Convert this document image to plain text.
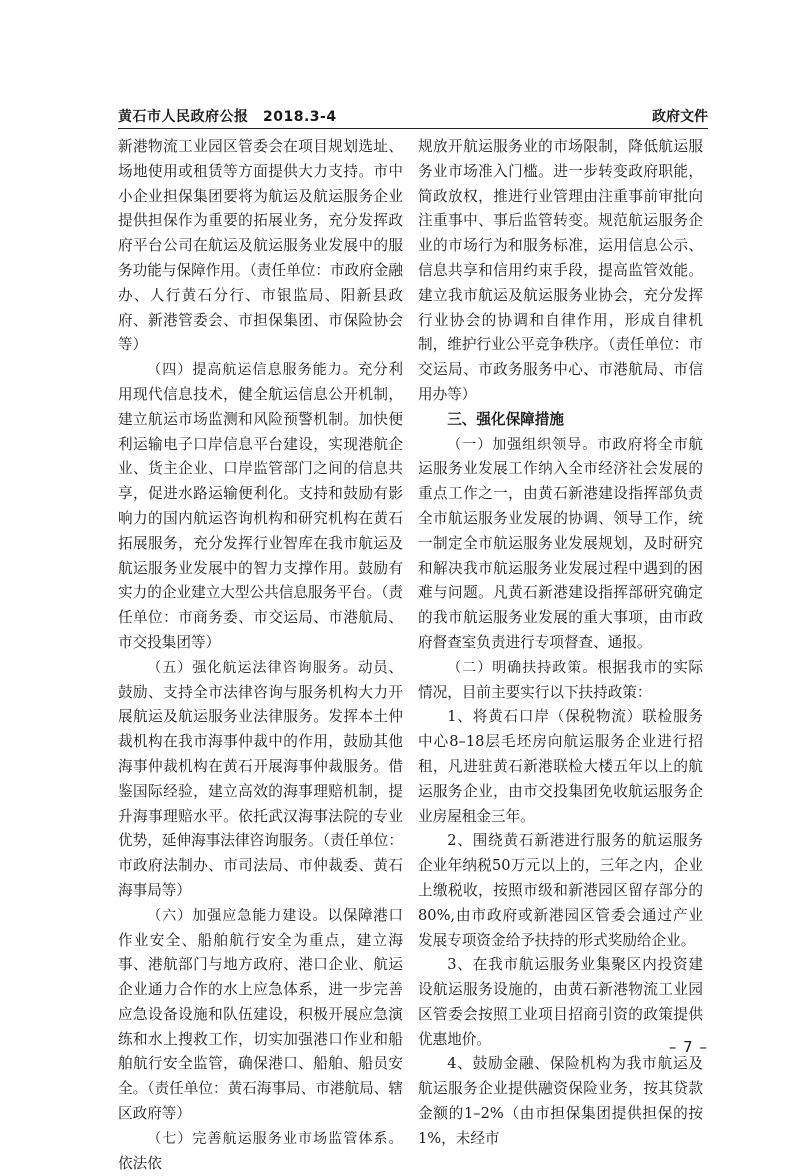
黄石市人民政府公报　2018.3-4	政府文件

新港物流工业园区管委会在项目规划选址、场地使用或租赁等方面提供大力支持。市中小企业担保集团要将为航运及航运服务企业提供担保作为重要的拓展业务，充分发挥政府平台公司在航运及航运服务业发展中的服务功能与保障作用。（责任单位：市政府金融办、人行黄石分行、市银监局、阳新县政府、新港管委会、市担保集团、市保险协会等）

（四）提高航运信息服务能力。充分利用现代信息技术，健全航运信息公开机制，建立航运市场监测和风险预警机制。加快便利运输电子口岸信息平台建设，实现港航企业、货主企业、口岸监管部门之间的信息共享，促进水路运输便利化。支持和鼓励有影响力的国内航运咨询机构和研究机构在黄石拓展服务，充分发挥行业智库在我市航运及航运服务业发展中的智力支撑作用。鼓励有实力的企业建立大型公共信息服务平台。（责任单位：市商务委、市交运局、市港航局、市交投集团等）

（五）强化航运法律咨询服务。动员、鼓励、支持全市法律咨询与服务机构大力开展航运及航运服务业法律服务。发挥本土仲裁机构在我市海事仲裁中的作用，鼓励其他海事仲裁机构在黄石开展海事仲裁服务。借鉴国际经验，建立高效的海事理赔机制，提升海事理赔水平。依托武汉海事法院的专业优势，延伸海事法律咨询服务。（责任单位：市政府法制办、市司法局、市仲裁委、黄石海事局等）

（六）加强应急能力建设。以保障港口作业安全、船舶航行安全为重点，建立海事、港航部门与地方政府、港口企业、航运企业通力合作的水上应急体系，进一步完善应急设备设施和队伍建设，积极开展应急演练和水上搜救工作，切实加强港口作业和船舶航行安全监管，确保港口、船舶、船员安全。（责任单位：黄石海事局、市港航局、辖区政府等）

（七）完善航运服务业市场监管体系。依法依

规放开航运服务业的市场限制，降低航运服务业市场准入门槛。进一步转变政府职能，简政放权，推进行业管理由注重事前审批向注重事中、事后监管转变。规范航运服务企业的市场行为和服务标准，运用信息公示、信息共享和信用约束手段，提高监管效能。建立我市航运及航运服务业协会，充分发挥行业协会的协调和自律作用，形成自律机制，维护行业公平竞争秩序。（责任单位：市交运局、市政务服务中心、市港航局、市信用办等）

三、强化保障措施

（一）加强组织领导。市政府将全市航运服务业发展工作纳入全市经济社会发展的重点工作之一，由黄石新港建设指挥部负责全市航运服务业发展的协调、领导工作，统一制定全市航运服务业发展规划，及时研究和解决我市航运服务业发展过程中遇到的困难与问题。凡黄石新港建设指挥部研究确定的我市航运服务业发展的重大事项，由市政府督查室负责进行专项督查、通报。

（二）明确扶持政策。根据我市的实际情况，目前主要实行以下扶持政策：

1、将黄石口岸（保税物流）联检服务中心8–18层毛坯房向航运服务企业进行招租，凡进驻黄石新港联检大楼五年以上的航运服务企业，由市交投集团免收航运服务企业房屋租金三年。

2、围绕黄石新港进行服务的航运服务企业年纳税50万元以上的，三年之内，企业上缴税收，按照市级和新港园区留存部分的80%,由市政府或新港园区管委会通过产业发展专项资金给予扶持的形式奖励给企业。

3、在我市航运服务业集聚区内投资建设航运服务设施的，由黄石新港物流工业园区管委会按照工业项目招商引资的政策提供优惠地价。

4、鼓励金融、保险机构为我市航运及航运服务企业提供融资保险业务，按其贷款金额的1–2%（由市担保集团提供担保的按1%，未经市

– 7 –
